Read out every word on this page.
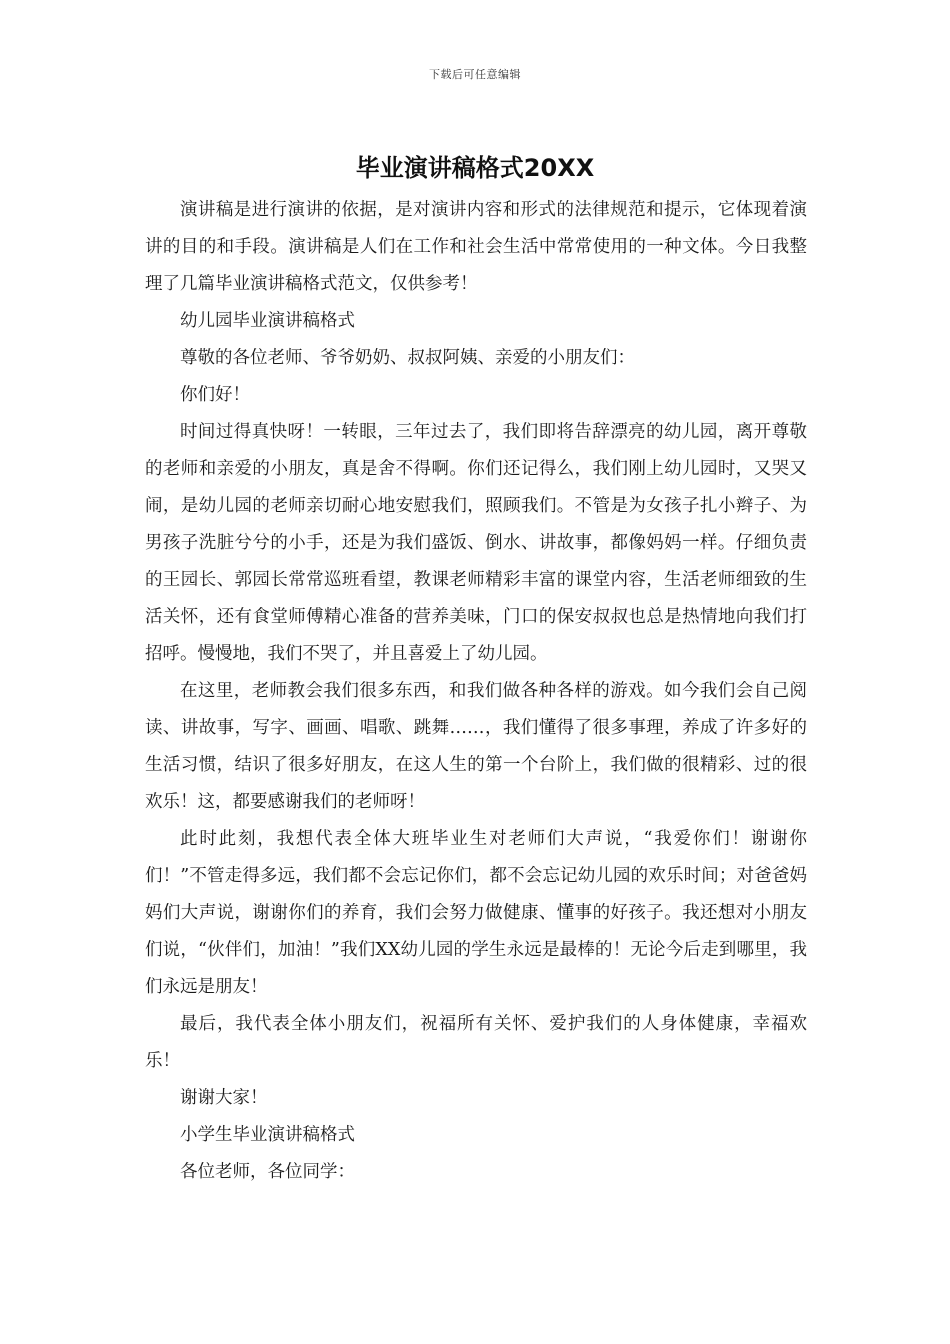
下载后可任意编辑
毕业演讲稿格式20XX

演讲稿是进行演讲的依据，是对演讲内容和形式的法律规范和提示，它体现着演讲的目的和手段。演讲稿是人们在工作和社会生活中常常使用的一种文体。今日我整理了几篇毕业演讲稿格式范文，仅供参考！

幼儿园毕业演讲稿格式

尊敬的各位老师、爷爷奶奶、叔叔阿姨、亲爱的小朋友们：

你们好！

时间过得真快呀！一转眼，三年过去了，我们即将告辞漂亮的幼儿园，离开尊敬的老师和亲爱的小朋友，真是舍不得啊。你们还记得么，我们刚上幼儿园时，又哭又闹，是幼儿园的老师亲切耐心地安慰我们，照顾我们。不管是为女孩子扎小辫子、为男孩子洗脏兮兮的小手，还是为我们盛饭、倒水、讲故事，都像妈妈一样。仔细负责的王园长、郭园长常常巡班看望，教课老师精彩丰富的课堂内容，生活老师细致的生活关怀，还有食堂师傅精心准备的营养美味，门口的保安叔叔也总是热情地向我们打招呼。慢慢地，我们不哭了，并且喜爱上了幼儿园。

在这里，老师教会我们很多东西，和我们做各种各样的游戏。如今我们会自己阅读、讲故事，写字、画画、唱歌、跳舞……，我们懂得了很多事理，养成了许多好的生活习惯，结识了很多好朋友，在这人生的第一个台阶上，我们做的很精彩、过的很欢乐！这，都要感谢我们的老师呀！

此时此刻，我想代表全体大班毕业生对老师们大声说，“我爱你们！谢谢你们！”不管走得多远，我们都不会忘记你们，都不会忘记幼儿园的欢乐时间；对爸爸妈妈们大声说，谢谢你们的养育，我们会努力做健康、懂事的好孩子。我还想对小朋友们说，“伙伴们，加油！”我们XX幼儿园的学生永远是最棒的！无论今后走到哪里，我们永远是朋友！

最后，我代表全体小朋友们，祝福所有关怀、爱护我们的人身体健康，幸福欢乐！

谢谢大家！

小学生毕业演讲稿格式

各位老师，各位同学：
